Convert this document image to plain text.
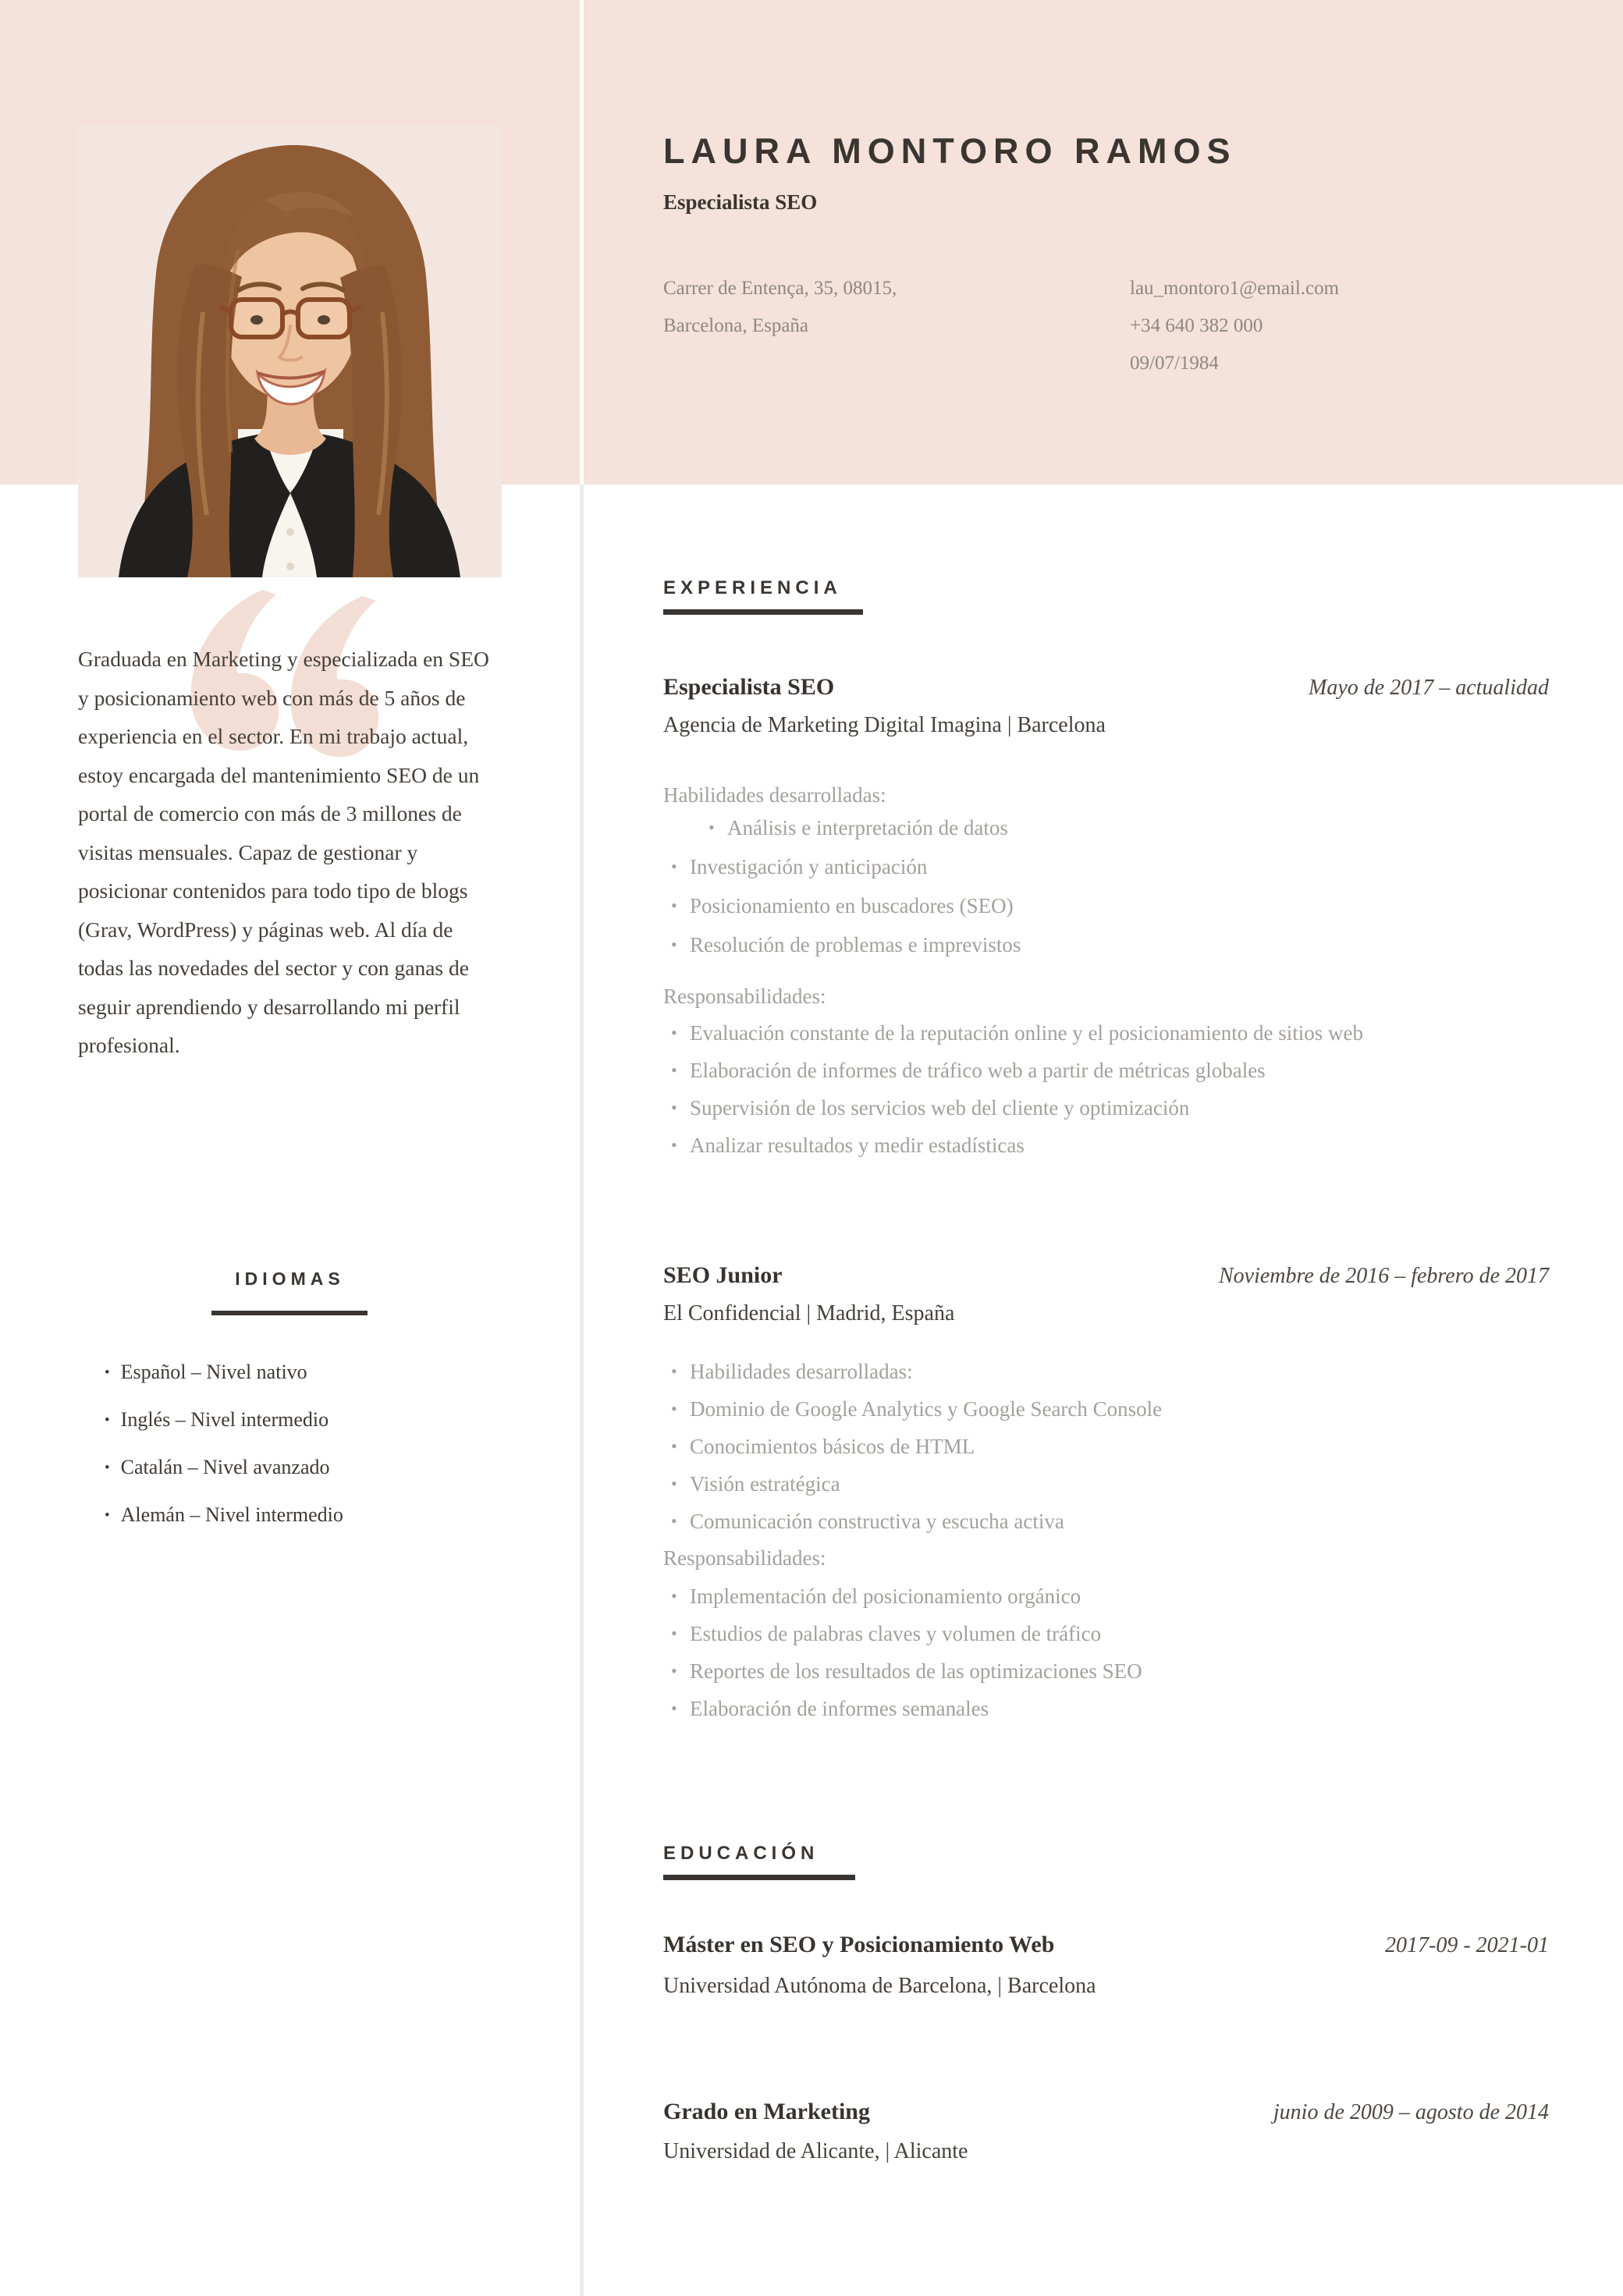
LAURA MONTORO RAMOS
Especialista SEO
Carrer de Entença, 35, 08015,
Barcelona, España
lau_montoro1@email.com
+34 640 382 000
09/07/1984
Graduada en Marketing y especializada en SEO y posicionamiento web con más de 5 años de experiencia en el sector. En mi trabajo actual, estoy encargada del mantenimiento SEO de un portal de comercio con más de 3 millones de visitas mensuales. Capaz de gestionar y posicionar contenidos para todo tipo de blogs (Grav, WordPress) y páginas web. Al día de todas las novedades del sector y con ganas de seguir aprendiendo y desarrollando mi perfil profesional.
IDIOMAS
• Español – Nivel nativo
• Inglés – Nivel intermedio
• Catalán – Nivel avanzado
• Alemán – Nivel intermedio
EXPERIENCIA
Especialista SEO	Mayo de 2017 – actualidad
Agencia de Marketing Digital Imagina | Barcelona
Habilidades desarrolladas:
• Análisis e interpretación de datos
• Investigación y anticipación
• Posicionamiento en buscadores (SEO)
• Resolución de problemas e imprevistos
Responsabilidades:
• Evaluación constante de la reputación online y el posicionamiento de sitios web
• Elaboración de informes de tráfico web a partir de métricas globales
• Supervisión de los servicios web del cliente y optimización
• Analizar resultados y medir estadísticas
SEO Junior	Noviembre de 2016 – febrero de 2017
El Confidencial | Madrid, España
• Habilidades desarrolladas:
• Dominio de Google Analytics y Google Search Console
• Conocimientos básicos de HTML
• Visión estratégica
• Comunicación constructiva y escucha activa
Responsabilidades:
• Implementación del posicionamiento orgánico
• Estudios de palabras claves y volumen de tráfico
• Reportes de los resultados de las optimizaciones SEO
• Elaboración de informes semanales
EDUCACIÓN
Máster en SEO y Posicionamiento Web	2017-09 - 2021-01
Universidad Autónoma de Barcelona, | Barcelona
Grado en Marketing	junio de 2009 – agosto de 2014
Universidad de Alicante, | Alicante
